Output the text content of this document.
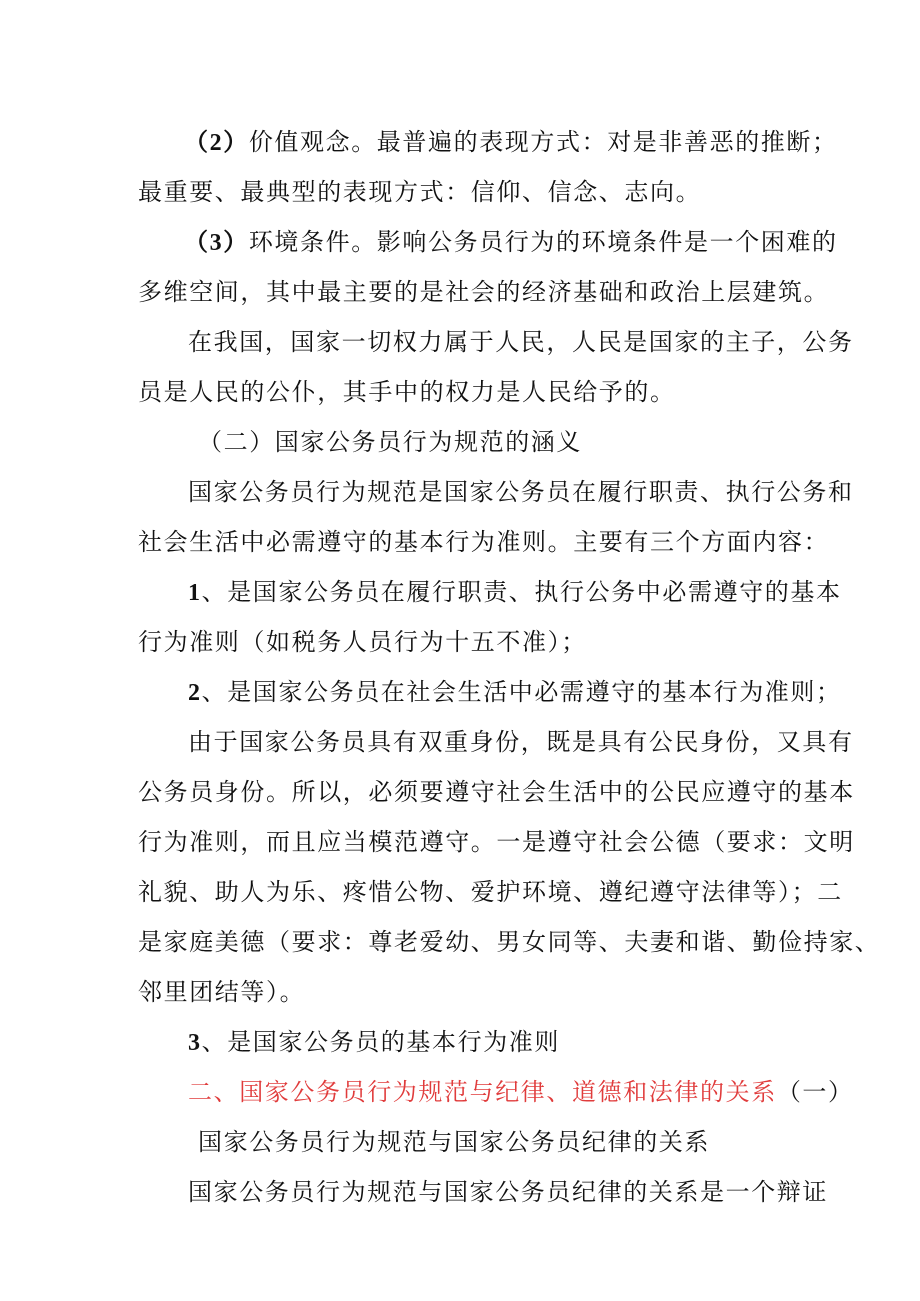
（2）价值观念。最普遍的表现方式：对是非善恶的推断；
最重要、最典型的表现方式：信仰、信念、志向。
（3）环境条件。影响公务员行为的环境条件是一个困难的
多维空间，其中最主要的是社会的经济基础和政治上层建筑。
在我国，国家一切权力属于人民，人民是国家的主子，公务
员是人民的公仆，其手中的权力是人民给予的。
（二）国家公务员行为规范的涵义
国家公务员行为规范是国家公务员在履行职责、执行公务和
社会生活中必需遵守的基本行为准则。主要有三个方面内容：
1、是国家公务员在履行职责、执行公务中必需遵守的基本
行为准则（如税务人员行为十五不准）；
2、是国家公务员在社会生活中必需遵守的基本行为准则；
由于国家公务员具有双重身份，既是具有公民身份，又具有
公务员身份。所以，必须要遵守社会生活中的公民应遵守的基本
行为准则，而且应当模范遵守。一是遵守社会公德（要求：文明
礼貌、助人为乐、疼惜公物、爱护环境、遵纪遵守法律等）；二
是家庭美德（要求：尊老爱幼、男女同等、夫妻和谐、勤俭持家、
邻里团结等）。
3、是国家公务员的基本行为准则
二、国家公务员行为规范与纪律、道德和法律的关系（一）
国家公务员行为规范与国家公务员纪律的关系
国家公务员行为规范与国家公务员纪律的关系是一个辩证
